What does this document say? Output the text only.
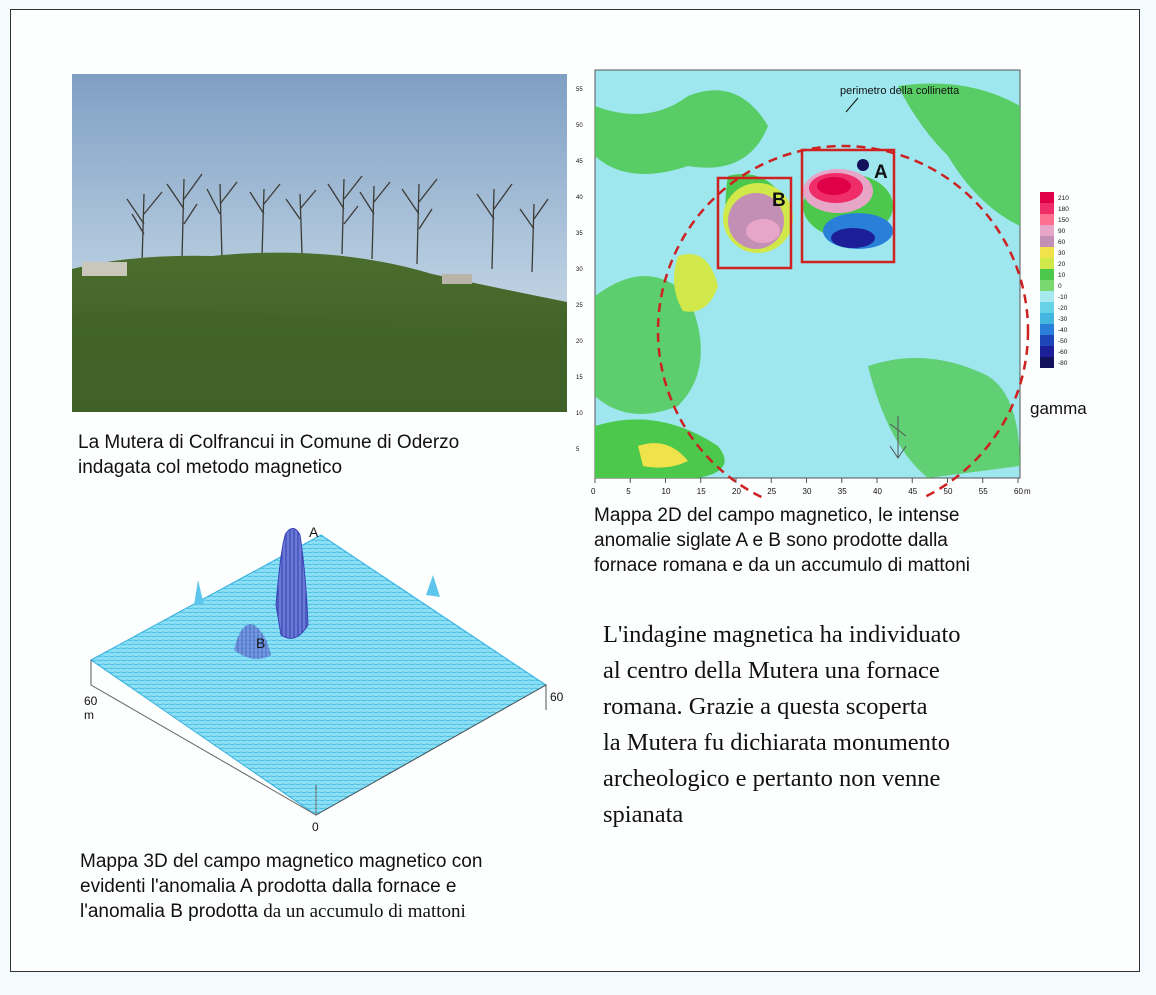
La Mutera di Colfrancui in Comune di Oderzo
indagata col metodo magnetico
B
A
perimetro della collinetta
210
180
150
90
60
30
20
10
0
-10
-20
-30
-40
-50
-60
-80
gamma
0	5	10	15	20	25	30	35	40	45	50	55	60 m
55
50
45
40
35
30
25
20
15
10
5
Mappa 2D del campo magnetico, le intense
anomalie siglate A e B sono prodotte dalla
fornace romana e da un accumulo di mattoni
A
B
60
m
60
0
Mappa 3D del campo magnetico magnetico con
evidenti l'anomalia A prodotta dalla fornace e
l'anomalia B prodotta da un accumulo di mattoni
L'indagine magnetica ha individuato
al centro della Mutera una fornace
romana. Grazie a questa scoperta
la Mutera fu dichiarata monumento
archeologico e pertanto non venne
spianata
